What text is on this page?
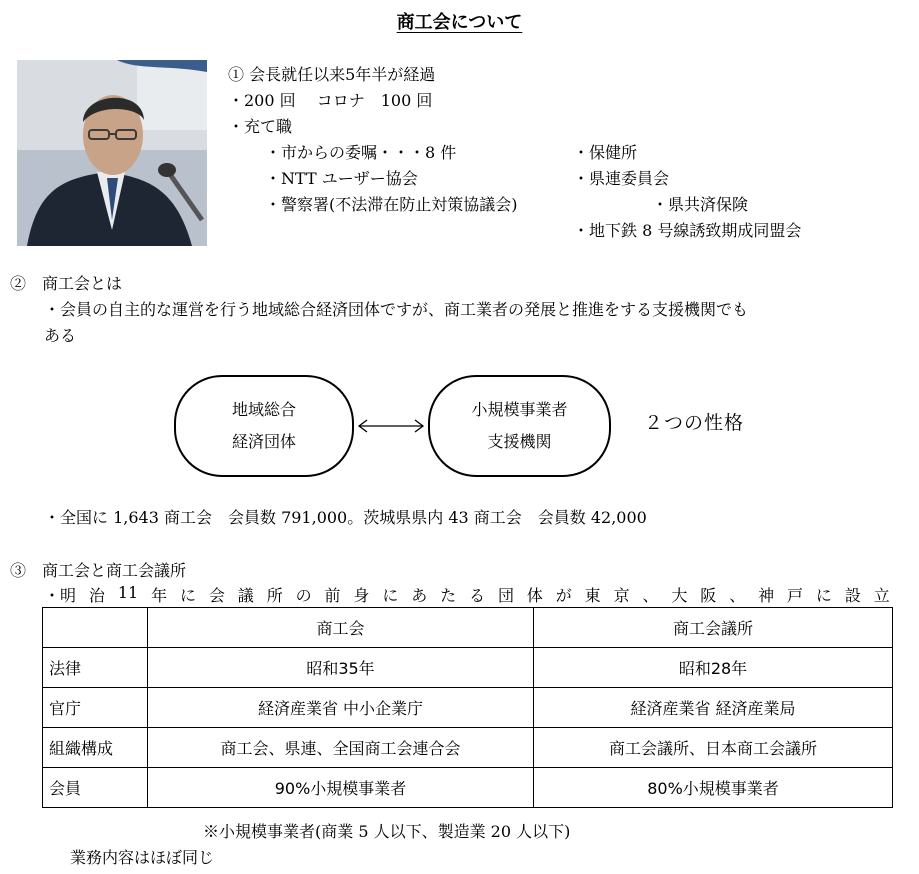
商工会について
① 会長就任以来5年半が経過
・200 回　 コロナ　100 回
・充て職
・市からの委嘱・・・8 件
・NTT ユーザー協会
・警察署(不法滞在防止対策協議会)
・保健所
・県連委員会
・県共済保険
・地下鉄 8 号線誘致期成同盟会
②　商工会とは
・会員の自主的な運営を行う地域総合経済団体ですが、商工業者の発展と推進をする支援機関でも
ある
地域総合
経済団体
小規模事業者
支援機関
２つの性格
・全国に 1,643 商工会　会員数 791,000。茨城県県内 43 商工会　会員数 42,000
③　商工会と商工会議所
・明 治 11 年 に 会 議 所 の 前 身 に あ た る 団 体 が 東 京 、 大 阪 、 神 戸 に 設 立
	商工会	商工会議所
法律	昭和35年	昭和28年
官庁	経済産業省 中小企業庁	経済産業省 経済産業局
組織構成	商工会、県連、全国商工会連合会	商工会議所、日本商工会議所
会員	90%小規模事業者	80%小規模事業者
※小規模事業者(商業 5 人以下、製造業 20 人以下)
業務内容はほぼ同じ
